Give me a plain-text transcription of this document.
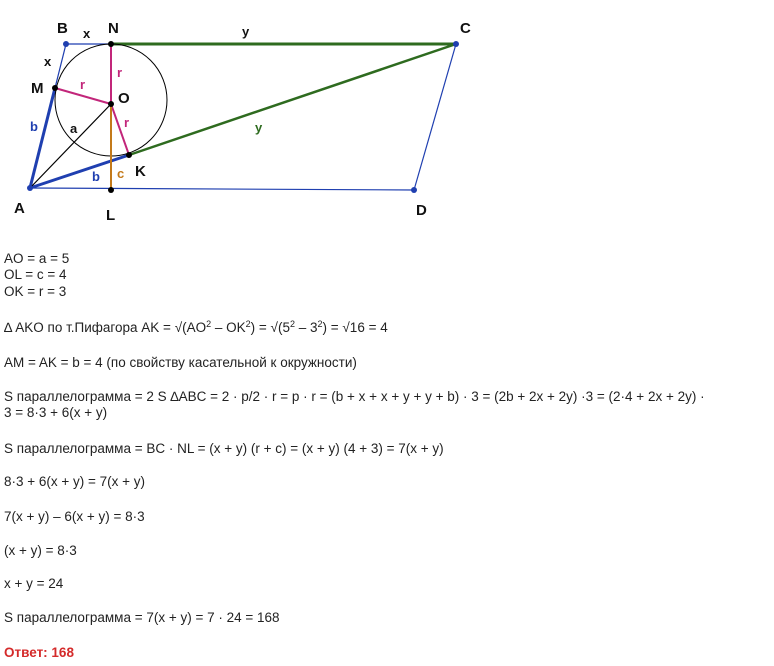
B	N	C
M
O
K
A	L	D
x
x
y
y
b
b
a
r
r
r
c

AO = a = 5

OL = c = 4

OK = r = 3

∆ AKO по т.Пифагора AK = $√(AO^2 - OK^2) = √(5^2 - 3^2) = √16 = 4$

AM = AK = b = 4 (по свойству касательной к окружности)

S параллелограмма = 2 S ∆ABC = 2 · p/2 · r = p · r = (b + x + x + y + y + b) · 3 = (2b + 2x + 2y) ·3 = (2·4 + 2x + 2y) ·

3 = 8·3 + 6(x + y)

S параллелограмма = BC · NL = (x + y) (r + c) = (x + y) (4 + 3) = 7(x + y)

8·3 + 6(x + y) = 7(x + y)

7(x + y) – 6(x + y) = 8·3

(x + y) = 8·3

x + y = 24

S параллелограмма = 7(x + y) = 7 · 24 = 168

Ответ: 168
